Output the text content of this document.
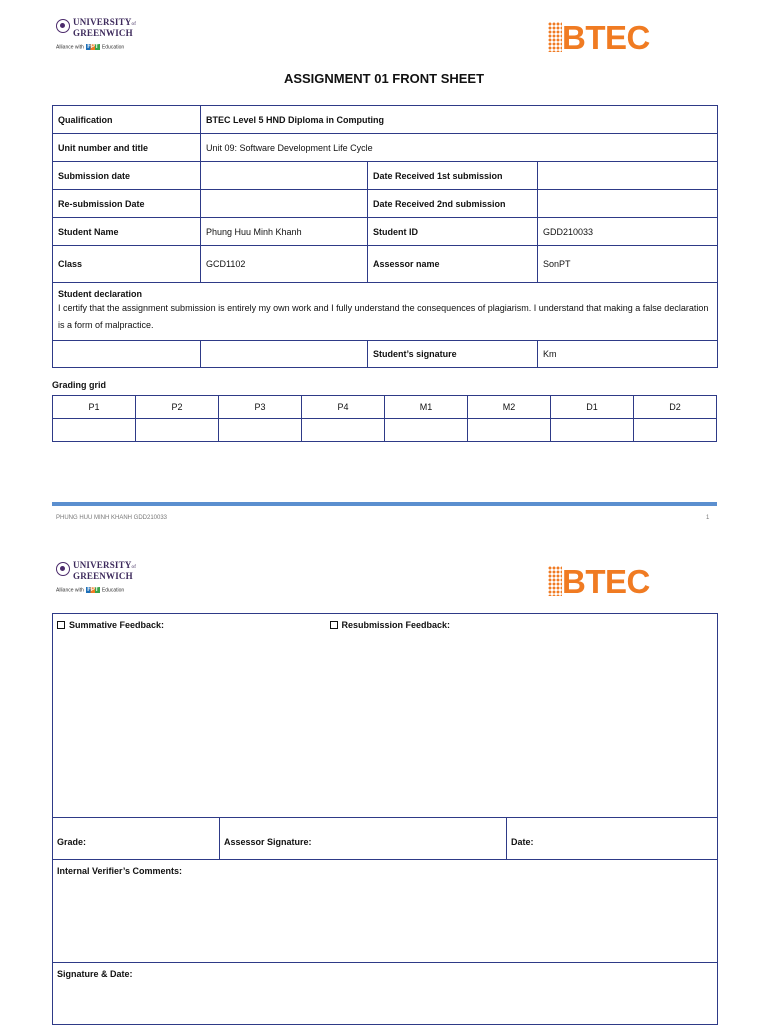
UNIVERSITYof
GREENWICH
Alliance with FPT Education	BTEC
ASSIGNMENT 01 FRONT SHEET
Qualification	BTEC Level 5 HND Diploma in Computing		
Unit number and title	Unit 09: Software Development Life Cycle		
Submission date		Date Received 1st submission	
Re-submission Date		Date Received 2nd submission	
Student Name	Phung Huu Minh Khanh	Student ID	GDD210033
Class	GCD1102	Assessor name	SonPT

Student declaration
I certify that the assignment submission is entirely my own work and I fully understand the consequences of plagiarism. I understand that making a false declaration is a form of malpractice.			

		Student’s signature	Km
Grading grid
P1	P2	P3	P4	M1	M2	D1	D2

PHUNG HUU MINH KHANH GDD210033	1
UNIVERSITYof
GREENWICH
Alliance with FPT Education	BTEC
Summative Feedback:	Resubmission Feedback:
Grade:	Assessor Signature:	Date:
Internal Verifier’s Comments:
Signature & Date:
